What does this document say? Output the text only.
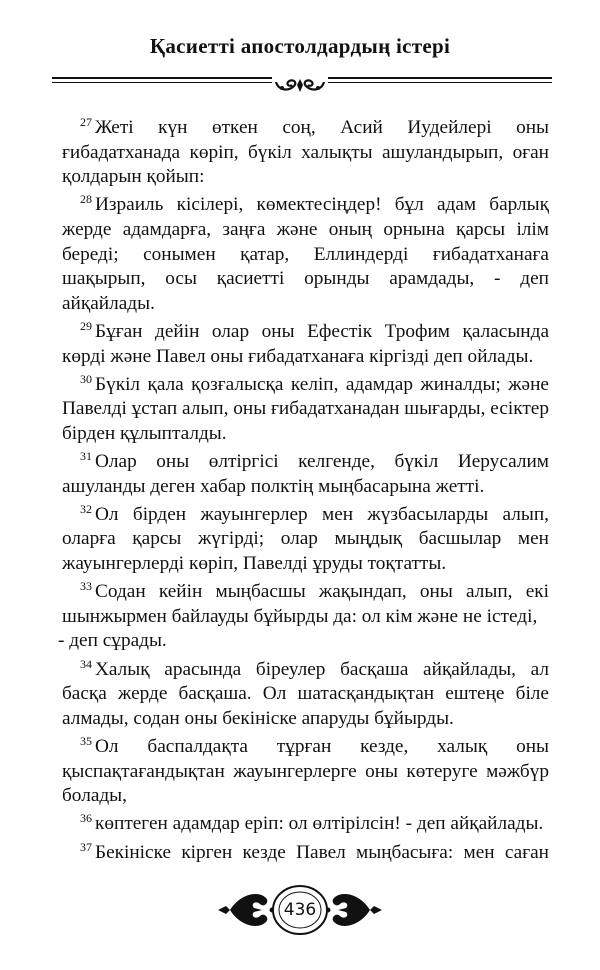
Қасиетті апостолдардың істері

$^{27}$ Жеті күн өткен соң, Асий Иудейлері оны ғибадатханада көріп, бүкіл халықты ашуландырып, оған қолдарын қойып:

$^{28}$ Израиль кісілері, көмектесіңдер! бұл адам барлық жерде адамдарға, заңға және оның орнына қарсы ілім береді; сонымен қатар, Еллиндерді ғибадатханаға шақырып, осы қасиетті орынды арамдады, - деп айқайлады.

$^{29}$ Бұған дейін олар оны Ефестік Трофим қаласында көрді және Павел оны ғибадатханаға кіргізді деп ойлады.

$^{30}$ Бүкіл қала қозғалысқа келіп, адамдар жиналды; және Павелді ұстап алып, оны ғибадатханадан шығарды, есіктер бірден құлыпталды.

$^{31}$ Олар оны өлтіргісі келгенде, бүкіл Иерусалим ашуланды деген хабар полктің мыңбасарына жетті.

$^{32}$ Ол бірден жауынгерлер мен жүзбасыларды алып, оларға қарсы жүгірді; олар мыңдық басшылар мен жауынгерлерді көріп, Павелді ұруды тоқтатты.

$^{33}$ Содан кейін мыңбасшы жақындап, оны алып, екі шынжырмен байлауды бұйырды да: ол кім және не істеді,

- деп сұрады.

$^{34}$ Халық арасында біреулер басқаша айқайлады, ал басқа жерде басқаша. Ол шатасқандықтан ештеңе біле алмады, содан оны бекініске апаруды бұйырды.

$^{35}$ Ол баспалдақта тұрған кезде, халық оны қыспақтағандықтан жауынгерлерге оны көтеруге мәжбүр болады,

$^{36}$ көптеген адамдар еріп: ол өлтірілсін! - деп айқайлады.

$^{37}$ Бекініске кірген кезде Павел мыңбасыға: мен саған

436
